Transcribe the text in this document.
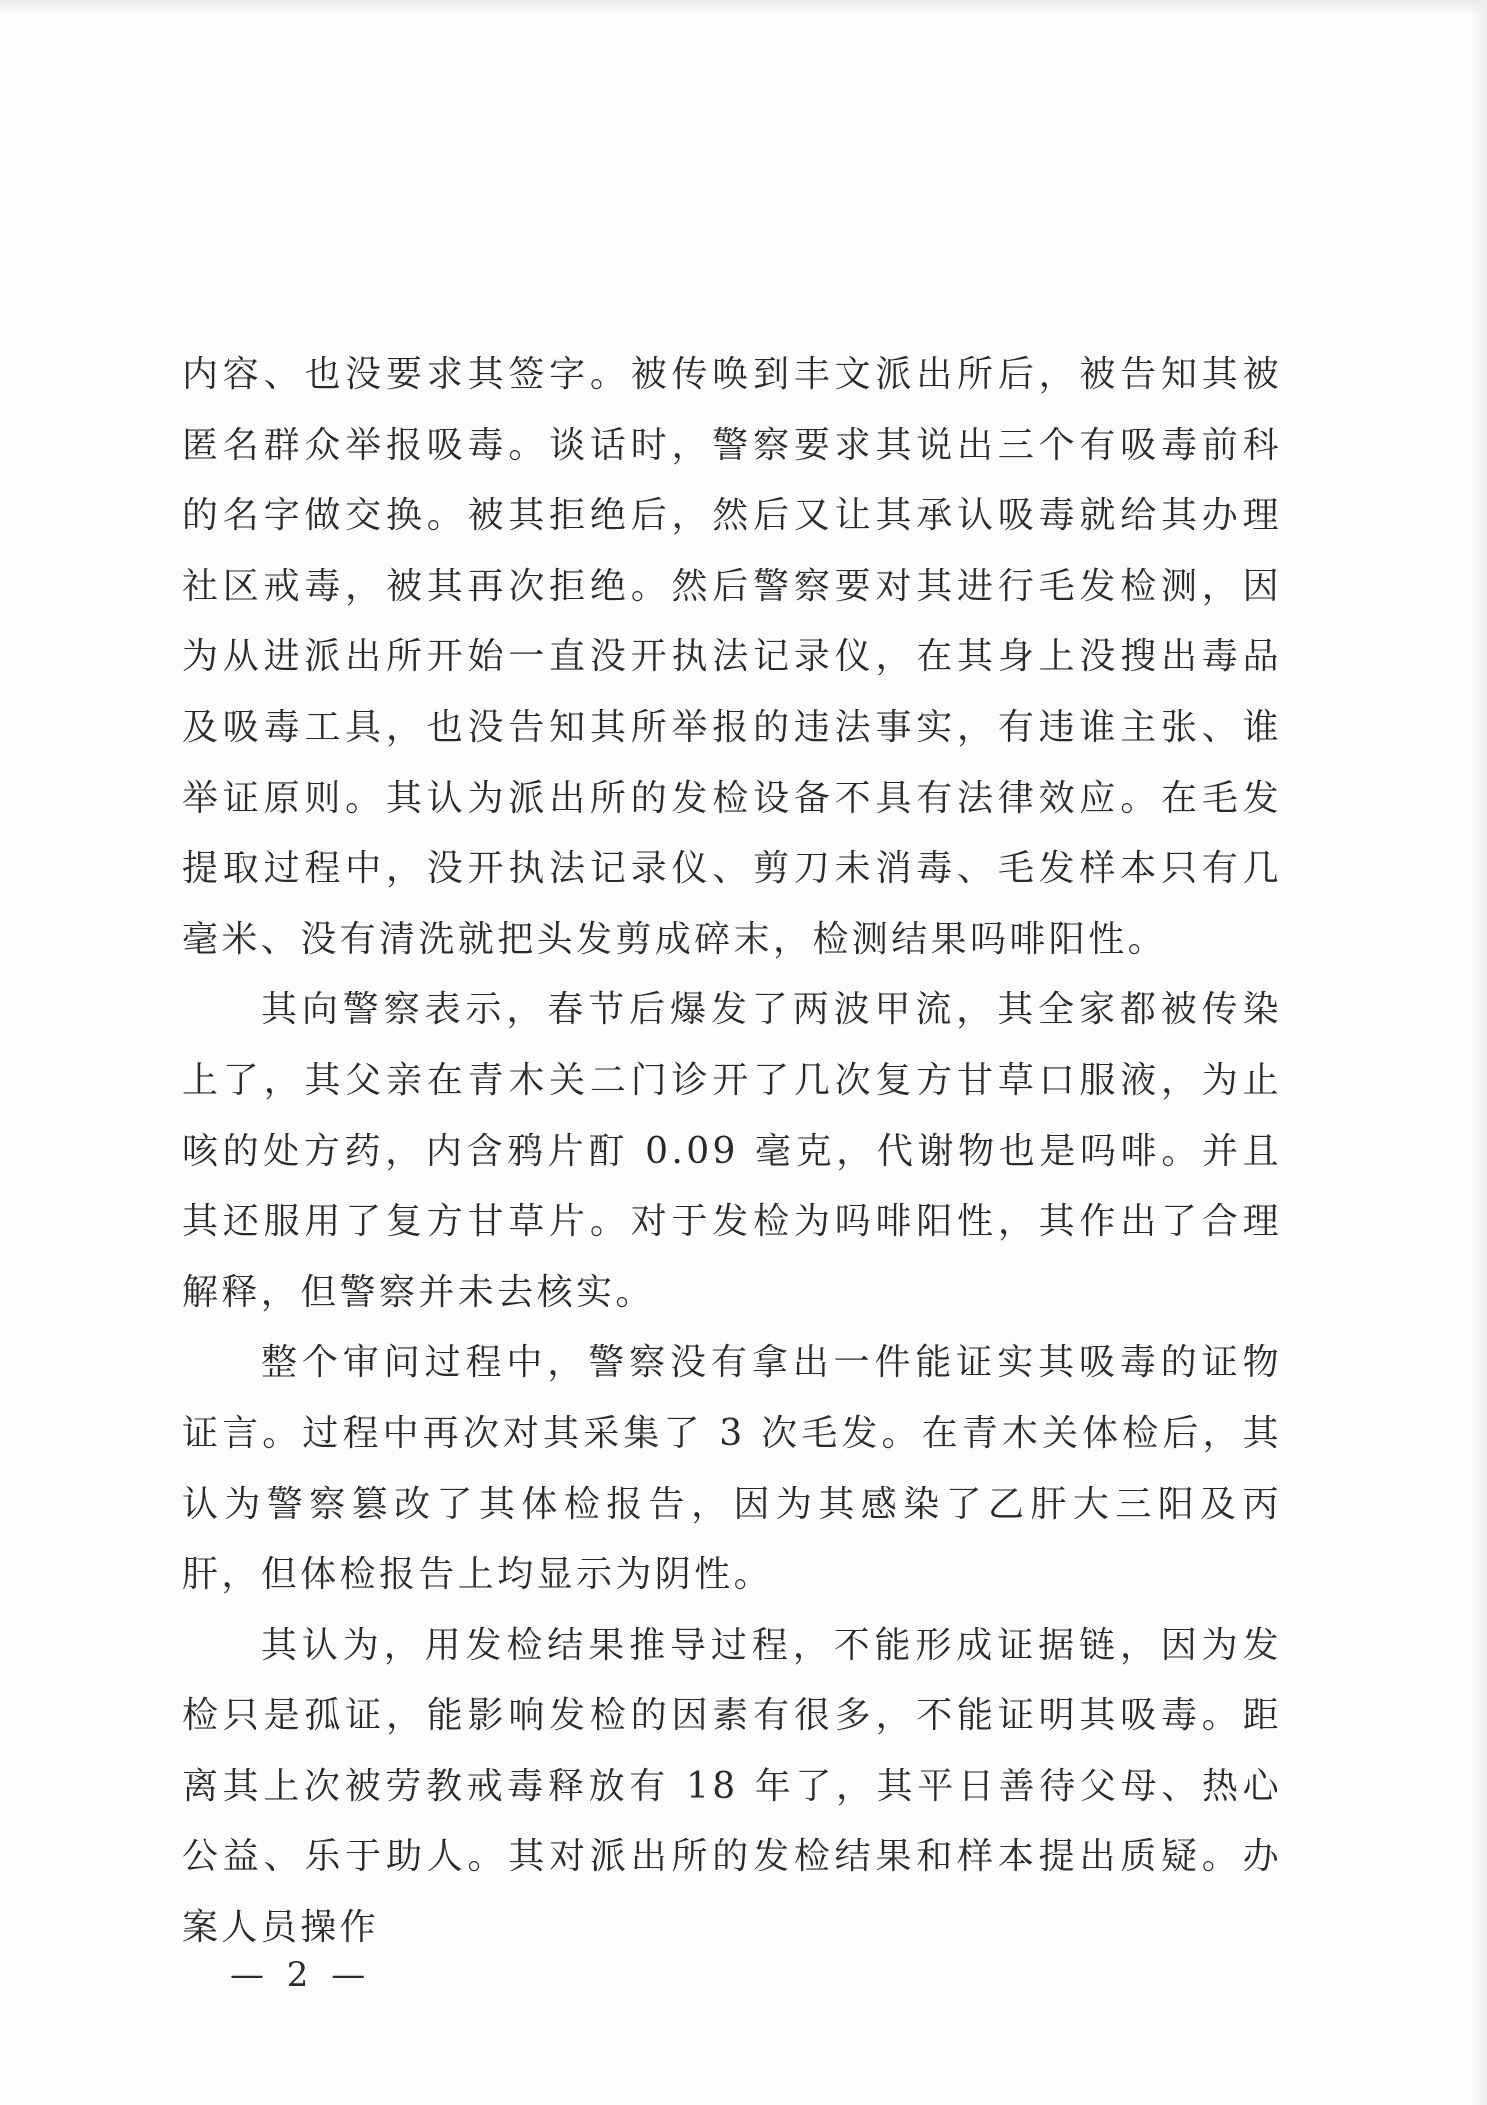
内容、也没要求其签字。被传唤到丰文派出所后，被告知其被匿名群众举报吸毒。谈话时，警察要求其说出三个有吸毒前科的名字做交换。被其拒绝后，然后又让其承认吸毒就给其办理社区戒毒，被其再次拒绝。然后警察要对其进行毛发检测，因为从进派出所开始一直没开执法记录仪，在其身上没搜出毒品及吸毒工具，也没告知其所举报的违法事实，有违谁主张、谁举证原则。其认为派出所的发检设备不具有法律效应。在毛发提取过程中，没开执法记录仪、剪刀未消毒、毛发样本只有几毫米、没有清洗就把头发剪成碎末，检测结果吗啡阳性。

其向警察表示，春节后爆发了两波甲流，其全家都被传染上了，其父亲在青木关二门诊开了几次复方甘草口服液，为止咳的处方药，内含鸦片酊 0.09 毫克，代谢物也是吗啡。并且其还服用了复方甘草片。对于发检为吗啡阳性，其作出了合理解释，但警察并未去核实。

整个审问过程中，警察没有拿出一件能证实其吸毒的证物证言。过程中再次对其采集了 3 次毛发。在青木关体检后，其认为警察篡改了其体检报告，因为其感染了乙肝大三阳及丙肝，但体检报告上均显示为阴性。

其认为，用发检结果推导过程，不能形成证据链，因为发检只是孤证，能影响发检的因素有很多，不能证明其吸毒。距离其上次被劳教戒毒释放有 18 年了，其平日善待父母、热心公益、乐于助人。其对派出所的发检结果和样本提出质疑。办案人员操作

— 2 —
